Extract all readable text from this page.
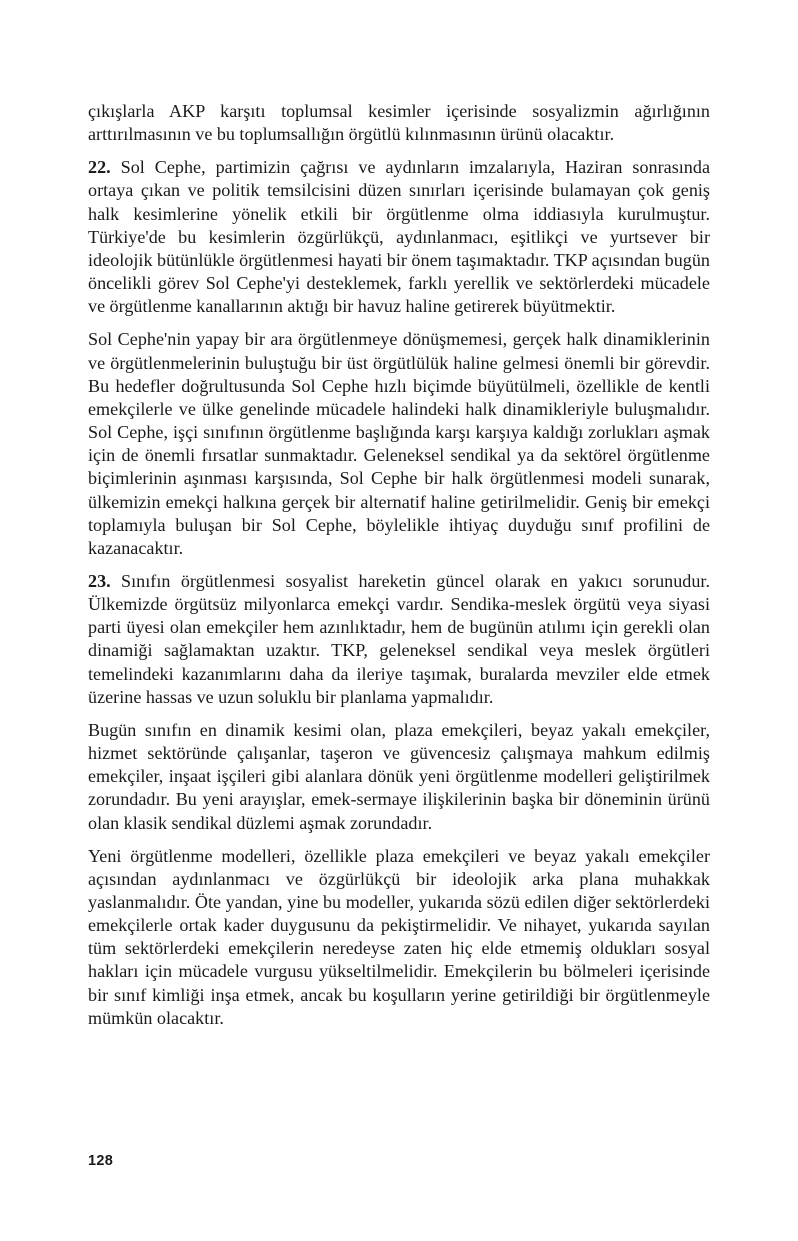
çıkışlarla AKP karşıtı toplumsal kesimler içerisinde sosyalizmin ağırlığının arttırılmasının ve bu toplumsallığın örgütlü kılınmasının ürünü olacaktır.

22. Sol Cephe, partimizin çağrısı ve aydınların imzalarıyla, Haziran sonrasında ortaya çıkan ve politik temsilcisini düzen sınırları içerisinde bulamayan çok geniş halk kesimlerine yönelik etkili bir örgütlenme olma iddiasıyla kurulmuştur. Türkiye'de bu kesimlerin özgürlükçü, aydınlanmacı, eşitlikçi ve yurtsever bir ideolojik bütünlükle örgütlenmesi hayati bir önem taşımaktadır. TKP açısından bugün öncelikli görev Sol Cephe'yi desteklemek, farklı yerellik ve sektörlerdeki mücadele ve örgütlenme kanallarının aktığı bir havuz haline getirerek büyütmektir.

Sol Cephe'nin yapay bir ara örgütlenmeye dönüşmemesi, gerçek halk dinamiklerinin ve örgütlenmelerinin buluştuğu bir üst örgütlülük haline gelmesi önemli bir görevdir. Bu hedefler doğrultusunda Sol Cephe hızlı biçimde büyütülmeli, özellikle de kentli emekçilerle ve ülke genelinde mücadele halindeki halk dinamikleriyle buluşmalıdır. Sol Cephe, işçi sınıfının örgütlenme başlığında karşı karşıya kaldığı zorlukları aşmak için de önemli fırsatlar sunmaktadır. Geleneksel sendikal ya da sektörel örgütlenme biçimlerinin aşınması karşısında, Sol Cephe bir halk örgütlenmesi modeli sunarak, ülkemizin emekçi halkına gerçek bir alternatif haline getirilmelidir. Geniş bir emekçi toplamıyla buluşan bir Sol Cephe, böylelikle ihtiyaç duyduğu sınıf profilini de kazanacaktır.

23. Sınıfın örgütlenmesi sosyalist hareketin güncel olarak en yakıcı sorunudur. Ülkemizde örgütsüz milyonlarca emekçi vardır. Sendika-meslek örgütü veya siyasi parti üyesi olan emekçiler hem azınlıktadır, hem de bugünün atılımı için gerekli olan dinamiği sağlamaktan uzaktır. TKP, geleneksel sendikal veya meslek örgütleri temelindeki kazanımlarını daha da ileriye taşımak, buralarda mevziler elde etmek üzerine hassas ve uzun soluklu bir planlama yapmalıdır.

Bugün sınıfın en dinamik kesimi olan, plaza emekçileri, beyaz yakalı emekçiler, hizmet sektöründe çalışanlar, taşeron ve güvencesiz çalışmaya mahkum edilmiş emekçiler, inşaat işçileri gibi alanlara dönük yeni örgütlenme modelleri geliştirilmek zorundadır. Bu yeni arayışlar, emek-sermaye ilişkilerinin başka bir döneminin ürünü olan klasik sendikal düzlemi aşmak zorundadır.

Yeni örgütlenme modelleri, özellikle plaza emekçileri ve beyaz yakalı emekçiler açısından aydınlanmacı ve özgürlükçü bir ideolojik arka plana muhakkak yaslanmalıdır. Öte yandan, yine bu modeller, yukarıda sözü edilen diğer sektörlerdeki emekçilerle ortak kader duygusunu da pekiştirmelidir. Ve nihayet, yukarıda sayılan tüm sektörlerdeki emekçilerin neredeyse zaten hiç elde etmemiş oldukları sosyal hakları için mücadele vurgusu yükseltilmelidir. Emekçilerin bu bölmeleri içerisinde bir sınıf kimliği inşa etmek, ancak bu koşulların yerine getirildiği bir örgütlenmeyle mümkün olacaktır.

128
